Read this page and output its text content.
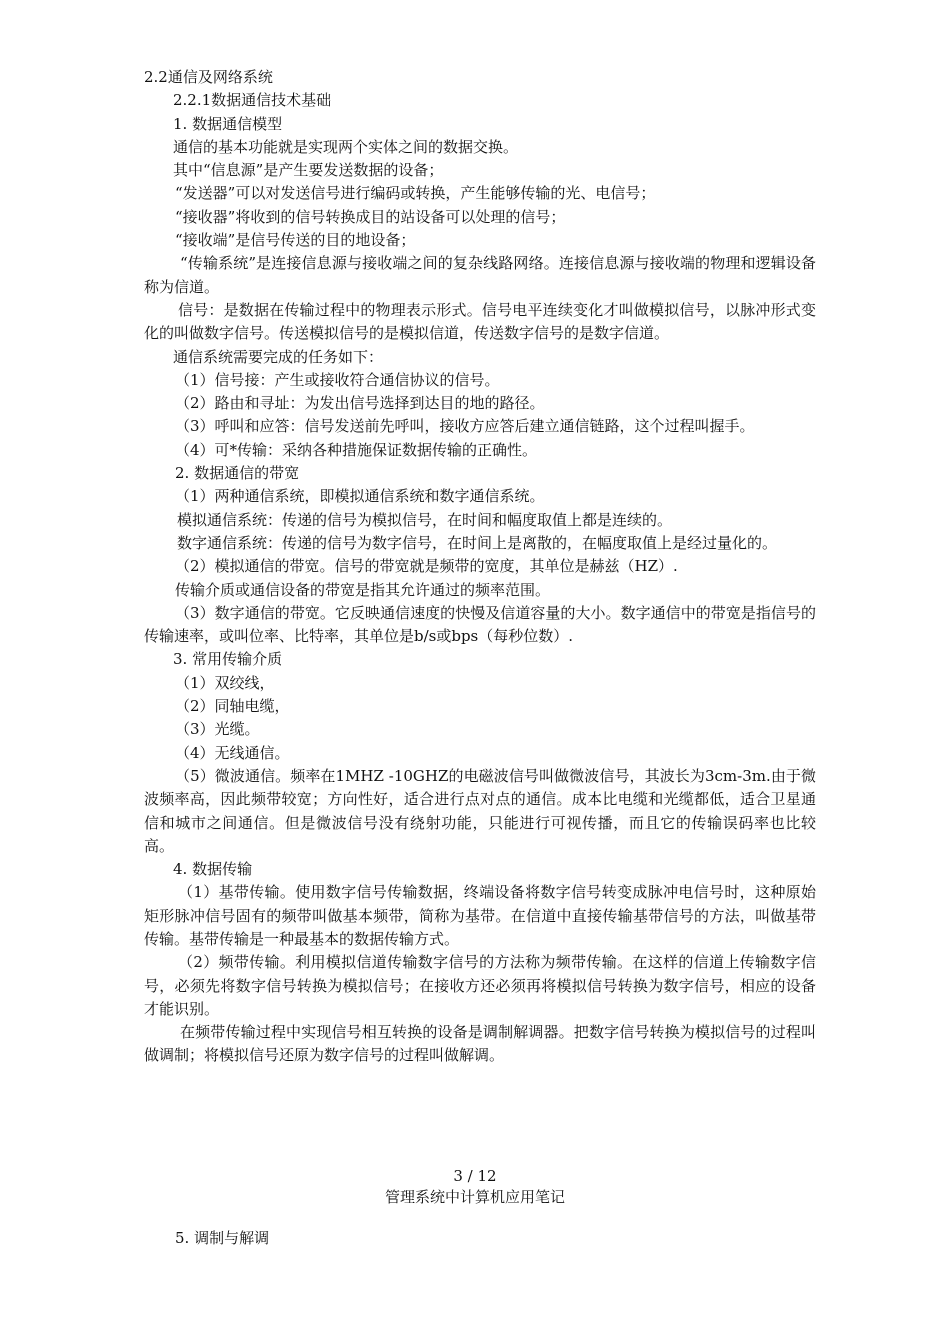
2.2通信及网络系统
2.2.1数据通信技术基础
1. 数据通信模型
通信的基本功能就是实现两个实体之间的数据交换。
其中“信息源”是产生要发送数据的设备；
“发送器”可以对发送信号进行编码或转换，产生能够传输的光、电信号；
“接收器”将收到的信号转换成目的站设备可以处理的信号；
“接收端”是信号传送的目的地设备；
“传输系统”是连接信息源与接收端之间的复杂线路网络。连接信息源与接收端的物理和逻辑设备称为信道。
信号：是数据在传输过程中的物理表示形式。信号电平连续变化才叫做模拟信号，以脉冲形式变化的叫做数字信号。传送模拟信号的是模拟信道，传送数字信号的是数字信道。
通信系统需要完成的任务如下：
（1）信号接：产生或接收符合通信协议的信号。
（2）路由和寻址：为发出信号选择到达目的地的路径。
（3）呼叫和应答：信号发送前先呼叫，接收方应答后建立通信链路，这个过程叫握手。
（4）可*传输：采纳各种措施保证数据传输的正确性。
2. 数据通信的带宽
（1）两种通信系统，即模拟通信系统和数字通信系统。
模拟通信系统：传递的信号为模拟信号，在时间和幅度取值上都是连续的。
数字通信系统：传递的信号为数字信号，在时间上是离散的，在幅度取值上是经过量化的。
（2）模拟通信的带宽。信号的带宽就是频带的宽度，其单位是赫兹（HZ）.
传输介质或通信设备的带宽是指其允许通过的频率范围。
（3）数字通信的带宽。它反映通信速度的快慢及信道容量的大小。数字通信中的带宽是指信号的传输速率，或叫位率、比特率，其单位是b/s或bps（每秒位数）.
3. 常用传输介质
（1）双绞线，
（2）同轴电缆，
（3）光缆。
（4）无线通信。
（5）微波通信。频率在1MHZ -10GHZ的电磁波信号叫做微波信号，其波长为3cm-3m.由于微波频率高，因此频带较宽；方向性好，适合进行点对点的通信。成本比电缆和光缆都低，适合卫星通信和城市之间通信。但是微波信号没有绕射功能，只能进行可视传播，而且它的传输误码率也比较高。
4. 数据传输
（1）基带传输。使用数字信号传输数据，终端设备将数字信号转变成脉冲电信号时，这种原始矩形脉冲信号固有的频带叫做基本频带，简称为基带。在信道中直接传输基带信号的方法，叫做基带传输。基带传输是一种最基本的数据传输方式。
（2）频带传输。利用模拟信道传输数字信号的方法称为频带传输。在这样的信道上传输数字信号，必须先将数字信号转换为模拟信号；在接收方还必须再将模拟信号转换为数字信号，相应的设备才能识别。
在频带传输过程中实现信号相互转换的设备是调制解调器。把数字信号转换为模拟信号的过程叫做调制；将模拟信号还原为数字信号的过程叫做解调。
3 / 12
管理系统中计算机应用笔记
5. 调制与解调
